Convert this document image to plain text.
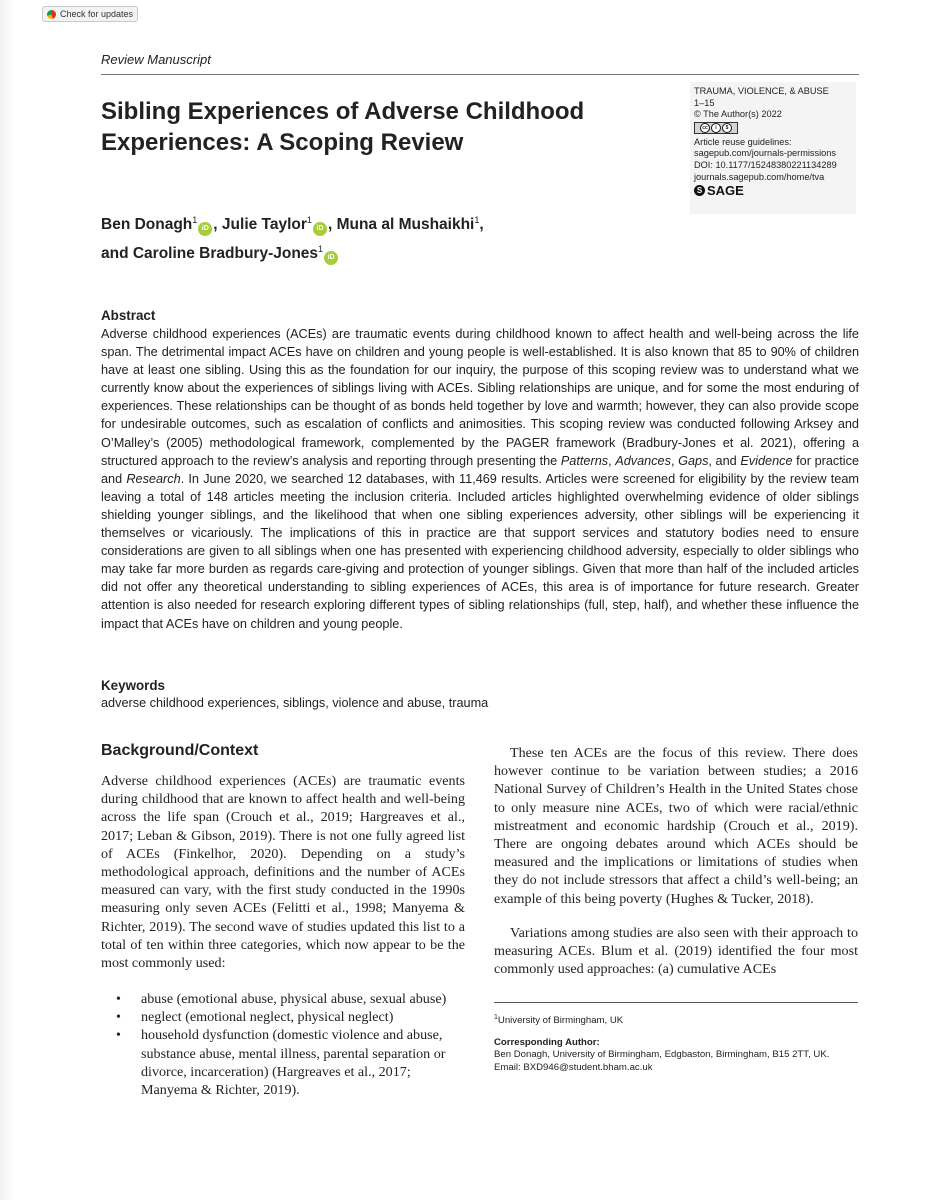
Check for updates
Review Manuscript
Sibling Experiences of Adverse Childhood
Experiences: A Scoping Review
TRAUMA, VIOLENCE, & ABUSE
1–15
© The Author(s) 2022
cc	i	$
Article reuse guidelines:
sagepub.com/journals-permissions
DOI: 10.1177/15248380221134289
journals.sagepub.com/home/tva
S SAGE
Ben Donagh$^1$iD , Julie Taylor$^1$iD , Muna al Mushaikhi$^1$,
and Caroline Bradbury-Jones$^1$iD
Abstract

Adverse childhood experiences (ACEs) are traumatic events during childhood known to affect health and well-being across the life span. The detrimental impact ACEs have on children and young people is well-established. It is also known that 85 to 90% of children have at least one sibling. Using this as the foundation for our inquiry, the purpose of this scoping review was to understand what we currently know about the experiences of siblings living with ACEs. Sibling relationships are unique, and for some the most enduring of experiences. These relationships can be thought of as bonds held together by love and warmth; however, they can also provide scope for undesirable outcomes, such as escalation of conflicts and animosities. This scoping review was conducted following Arksey and O’Malley’s (2005) methodological framework, complemented by the PAGER framework (Bradbury-Jones et al. 2021), offering a structured approach to the review’s analysis and reporting through presenting the Patterns, Advances, Gaps, and Evidence for practice and Research. In June 2020, we searched 12 databases, with 11,469 results. Articles were screened for eligibility by the review team leaving a total of 148 articles meeting the inclusion criteria. Included articles highlighted overwhelming evidence of older siblings shielding younger siblings, and the likelihood that when one sibling experiences adversity, other siblings will be experiencing it themselves or vicariously. The implications of this in practice are that support services and statutory bodies need to ensure considerations are given to all siblings when one has presented with experiencing childhood adversity, especially to older siblings who may take far more burden as regards care-giving and protection of younger siblings. Given that more than half of the included articles did not offer any theoretical understanding to sibling experiences of ACEs, this area is of importance for future research. Greater attention is also needed for research exploring different types of sibling relationships (full, step, half), and whether these influence the impact that ACEs have on children and young people.

Keywords
adverse childhood experiences, siblings, violence and abuse, trauma
Background/Context

Adverse childhood experiences (ACEs) are traumatic events during childhood that are known to affect health and well-being across the life span (Crouch et al., 2019; Hargreaves et al., 2017; Leban & Gibson, 2019). There is not one fully agreed list of ACEs (Finkelhor, 2020). Depending on a study’s methodological approach, definitions and the number of ACEs measured can vary, with the first study conducted in the 1990s measuring only seven ACEs (Felitti et al., 1998; Manyema & Richter, 2019). The second wave of studies updated this list to a total of ten within three categories, which now appear to be the most commonly used:

• abuse (emotional abuse, physical abuse, sexual abuse)
• neglect (emotional neglect, physical neglect)
• household dysfunction (domestic violence and abuse, substance abuse, mental illness, parental separation or divorce, incarceration) (Hargreaves et al., 2017; Manyema & Richter, 2019).

These ten ACEs are the focus of this review. There does however continue to be variation between studies; a 2016 National Survey of Children’s Health in the United States chose to only measure nine ACEs, two of which were racial/ethnic mistreatment and economic hardship (Crouch et al., 2019). There are ongoing debates around which ACEs should be measured and the implications or limitations of studies when they do not include stressors that affect a child’s well-being; an example of this being poverty (Hughes & Tucker, 2018).

Variations among studies are also seen with their approach to measuring ACEs. Blum et al. (2019) identified the four most commonly used approaches: (a) cumulative ACEs

$^1$University of Birmingham, UK
Corresponding Author:
Ben Donagh, University of Birmingham, Edgbaston, Birmingham, B15 2TT, UK.
Email: BXD946@student.bham.ac.uk
